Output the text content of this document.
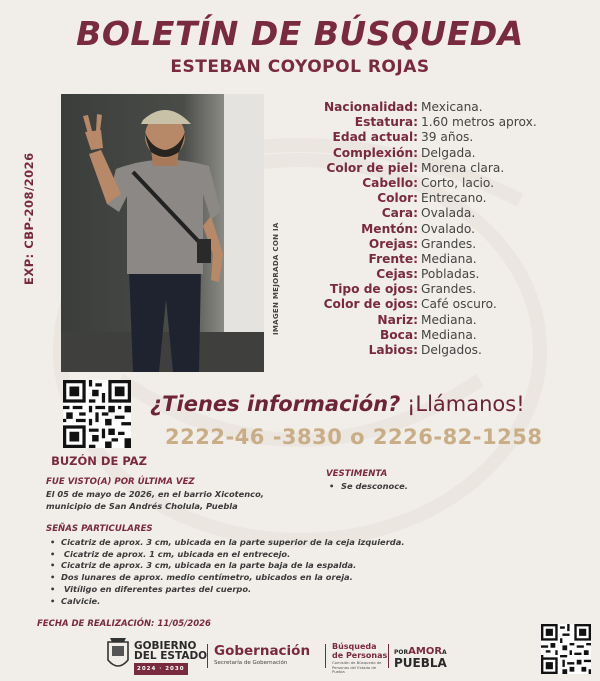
BOLETÍN DE BÚSQUEDA
ESTEBAN COYOPOL ROJAS
EXP: CBP-208/2026	IMAGEN MEJORADA CON IA
Nacionalidad: Mexicana.
Estatura: 1.60 metros aprox.
Edad actual: 39 años.
Complexión: Delgada.
Color de piel: Morena clara.
Cabello: Corto, lacio.
Color: Entrecano.
Cara: Ovalada.
Mentón: Ovalado.
Orejas: Grandes.
Frente: Mediana.
Cejas: Pobladas.
Tipo de ojos: Grandes.
Color de ojos: Café oscuro.
Nariz: Mediana.
Boca: Mediana.
Labios: Delgados.
BUZÓN DE PAZ
¿Tienes información? ¡Llámanos!
2222-46 -3830 o 2226-82-1258
FUE VISTO(A) POR ÚLTIMA VEZ
El 05 de mayo de 2026, en el barrio Xicotenco,
municipio de San Andrés Cholula, Puebla
VESTIMENTA
• Se desconoce.
SEÑAS PARTICULARES
• Cicatriz de aprox. 3 cm, ubicada en la parte superior de la ceja izquierda.
• Cicatriz de aprox. 1 cm, ubicada en el entrecejo.
• Cicatriz de aprox. 3 cm, ubicada en la parte baja de la espalda.
• Dos lunares de aprox. medio centímetro, ubicados en la oreja.
• Vitíligo en diferentes partes del cuerpo.
• Calvicie.
FECHA DE REALIZACIÓN: 11/05/2026
GOBIERNO
DEL ESTADO
2024 · 2030
Gobernación
Secretaría de Gobernación
Búsqueda
de Personas
Comisión de Búsqueda de Personas del Estado de Puebla
PORAMORA
PUEBLA
